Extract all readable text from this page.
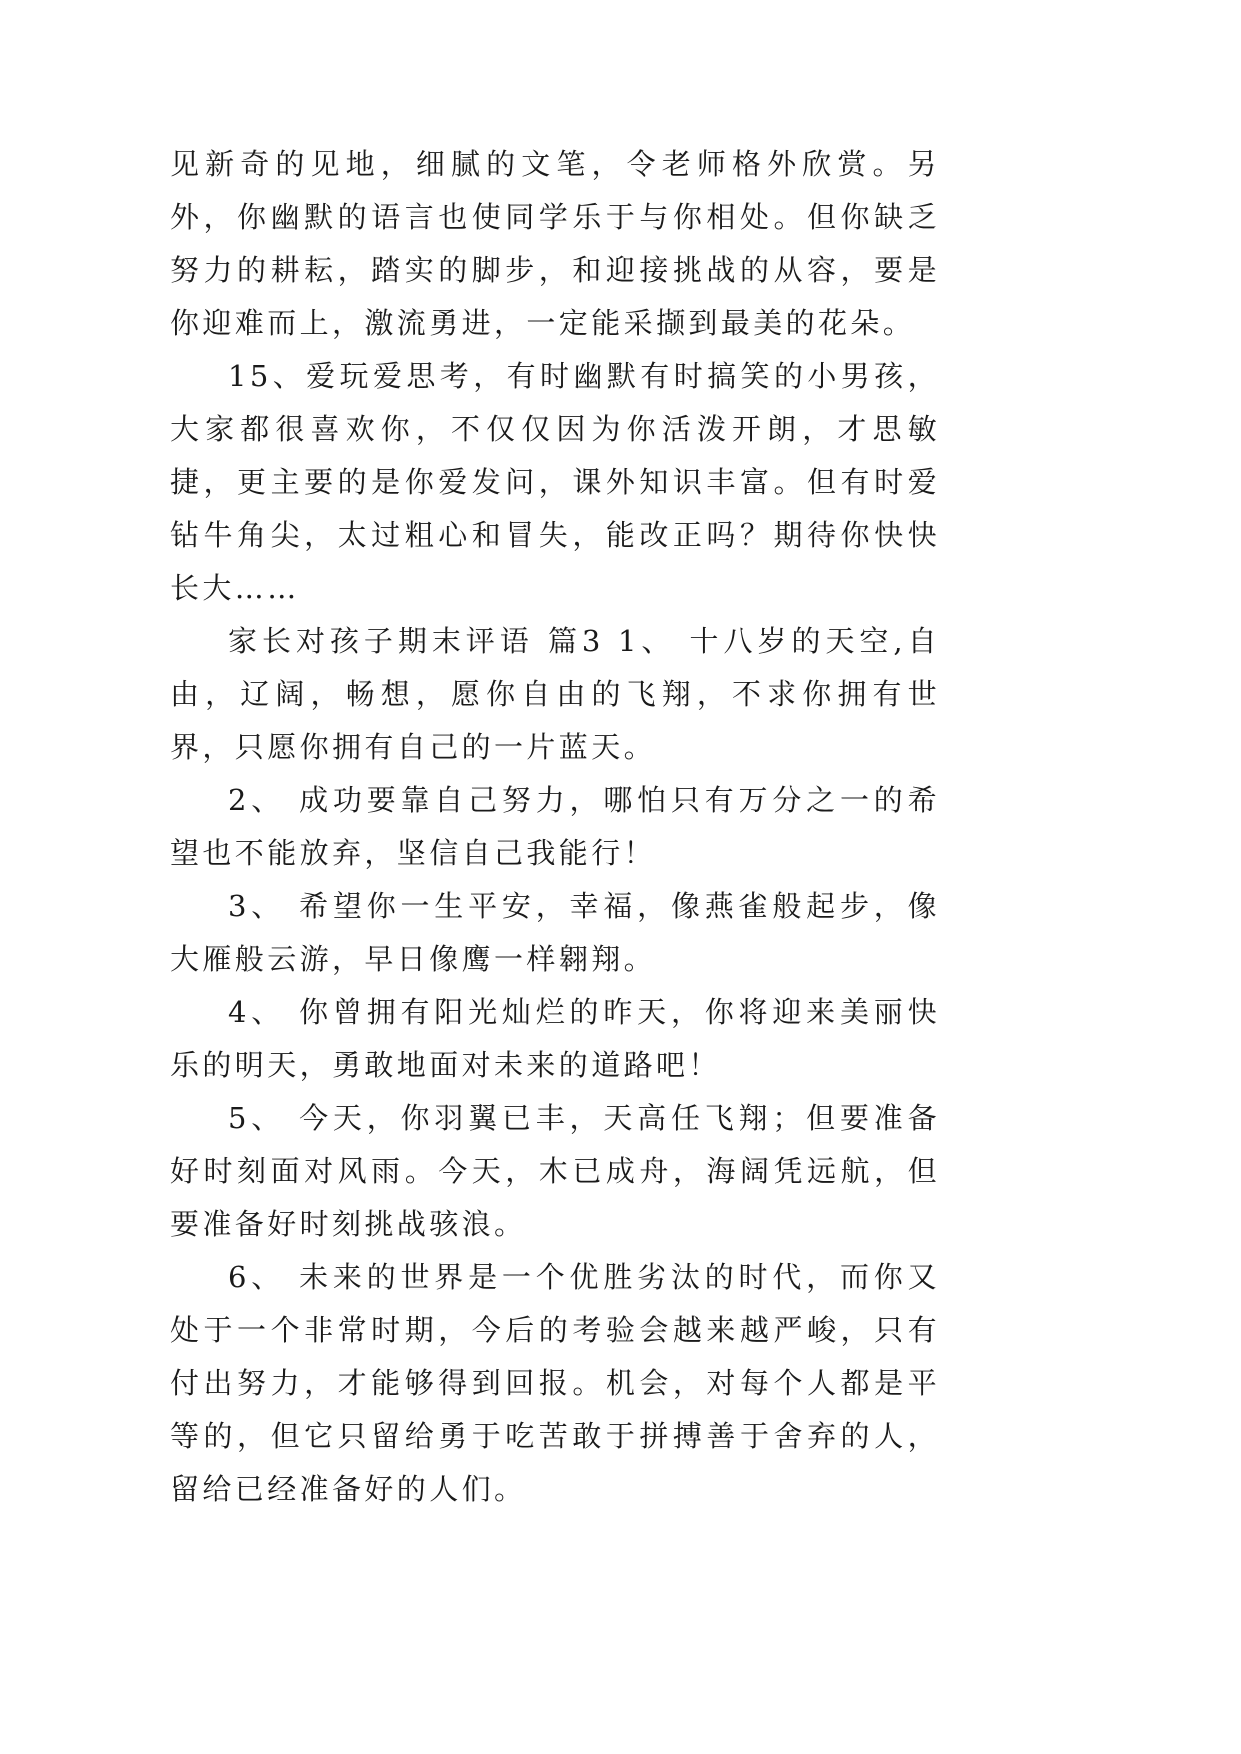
见新奇的见地，细腻的文笔，令老师格外欣赏。另外，你幽默的语言也使同学乐于与你相处。但你缺乏努力的耕耘，踏实的脚步，和迎接挑战的从容，要是你迎难而上，激流勇进，一定能采撷到最美的花朵。

15、爱玩爱思考，有时幽默有时搞笑的小男孩，大家都很喜欢你，不仅仅因为你活泼开朗，才思敏捷，更主要的是你爱发问，课外知识丰富。但有时爱钻牛角尖，太过粗心和冒失，能改正吗？期待你快快长大……

家长对孩子期末评语 篇3 1、 十八岁的天空,自由，辽阔，畅想，愿你自由的飞翔，不求你拥有世界，只愿你拥有自己的一片蓝天。

2、 成功要靠自己努力，哪怕只有万分之一的希望也不能放弃，坚信自己我能行！

3、 希望你一生平安，幸福，像燕雀般起步，像大雁般云游，早日像鹰一样翱翔。

4、 你曾拥有阳光灿烂的昨天，你将迎来美丽快乐的明天，勇敢地面对未来的道路吧！

5、 今天，你羽翼已丰，天高任飞翔；但要准备好时刻面对风雨。今天，木已成舟，海阔凭远航，但要准备好时刻挑战骇浪。

6、 未来的世界是一个优胜劣汰的时代，而你又处于一个非常时期，今后的考验会越来越严峻，只有付出努力，才能够得到回报。机会，对每个人都是平等的，但它只留给勇于吃苦敢于拼搏善于舍弃的人，留给已经准备好的人们。
